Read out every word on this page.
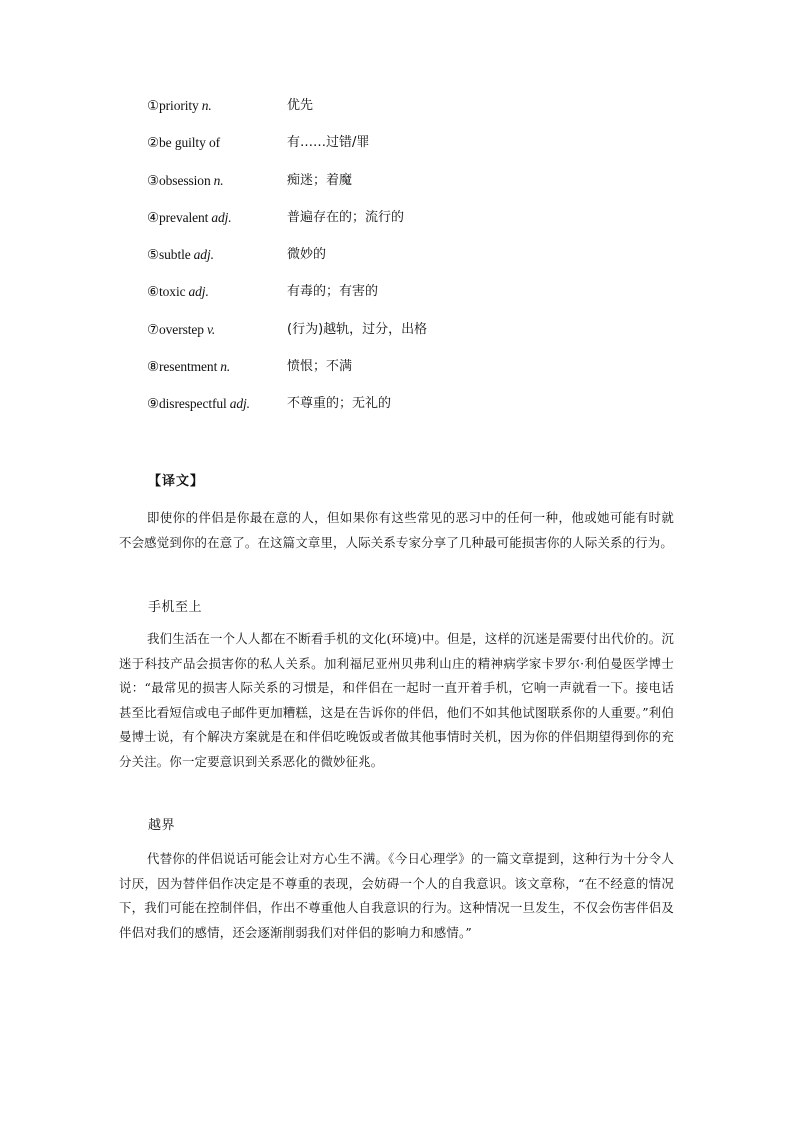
①priority n.	优先
②be guilty of	有……过错/罪
③obsession n.	痴迷；着魔
④prevalent adj.	普遍存在的；流行的
⑤subtle adj.	微妙的
⑥toxic adj.	有毒的；有害的
⑦overstep v.	(行为)越轨，过分，出格
⑧resentment n.	愤恨；不满
⑨disrespectful adj.	不尊重的；无礼的
【译文】

即使你的伴侣是你最在意的人，但如果你有这些常见的恶习中的任何一种，他或她可能有时就不会感觉到你的在意了。在这篇文章里，人际关系专家分享了几种最可能损害你的人际关系的行为。

手机至上

我们生活在一个人人都在不断看手机的文化(环境)中。但是，这样的沉迷是需要付出代价的。沉迷于科技产品会损害你的私人关系。加利福尼亚州贝弗利山庄的精神病学家卡罗尔·利伯曼医学博士说：“最常见的损害人际关系的习惯是，和伴侣在一起时一直开着手机，它响一声就看一下。接电话甚至比看短信或电子邮件更加糟糕，这是在告诉你的伴侣，他们不如其他试图联系你的人重要。”利伯曼博士说，有个解决方案就是在和伴侣吃晚饭或者做其他事情时关机，因为你的伴侣期望得到你的充分关注。你一定要意识到关系恶化的微妙征兆。

越界

代替你的伴侣说话可能会让对方心生不满。《今日心理学》的一篇文章提到，这种行为十分令人讨厌，因为替伴侣作决定是不尊重的表现，会妨碍一个人的自我意识。该文章称，“在不经意的情况下，我们可能在控制伴侣，作出不尊重他人自我意识的行为。这种情况一旦发生，不仅会伤害伴侣及伴侣对我们的感情，还会逐渐削弱我们对伴侣的影响力和感情。”
